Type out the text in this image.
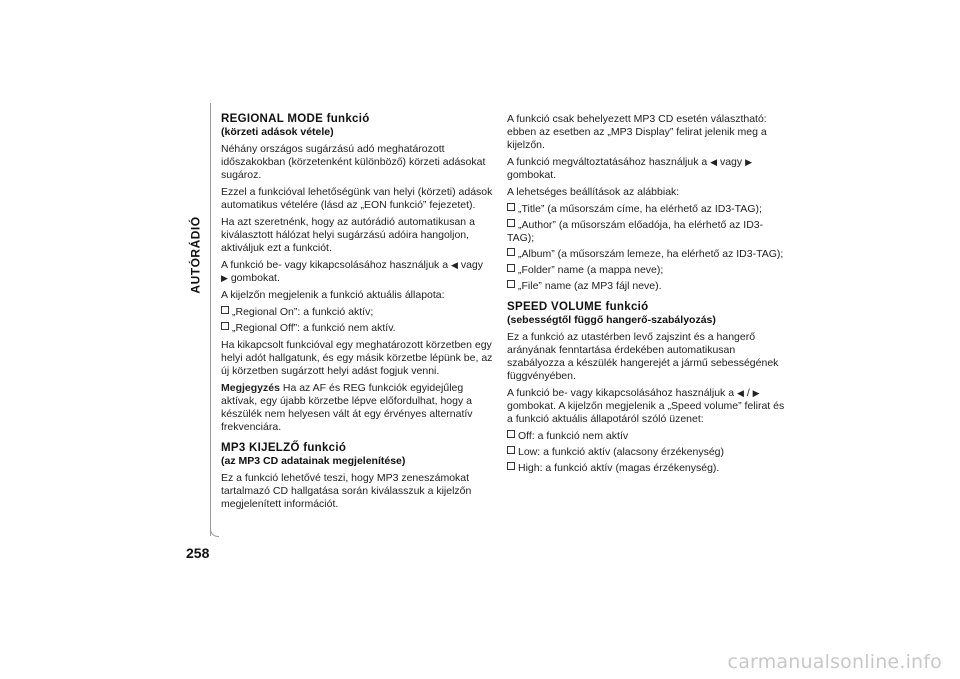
AUTÓRÁDIÓ
258
REGIONAL MODE funkció
(körzeti adások vétele)

Néhány országos sugárzású adó meghatározott időszakokban (körzetenként különböző) körzeti adásokat sugároz.

Ezzel a funkcióval lehetőségünk van helyi (körzeti) adások automatikus vételére (lásd az „EON funkció” fejezetet).

Ha azt szeretnénk, hogy az autórádió automatikusan a kiválasztott hálózat helyi sugárzású adóira hangoljon, aktiváljuk ezt a funkciót.

A funkció be- vagy kikapcsolásához használjuk a ◀ vagy
▶ gombokat.

A kijelzőn megjelenik a funkció aktuális állapota:

„Regional On”: a funkció aktív;
„Regional Off”: a funkció nem aktív.

Ha kikapcsolt funkcióval egy meghatározott körzetben egy helyi adót hallgatunk, és egy másik körzetbe lépünk be, az új körzetben sugárzott helyi adást fogjuk venni.

Megjegyzés Ha az AF és REG funkciók egyidejűleg aktívak, egy újabb körzetbe lépve előfordulhat, hogy a készülék nem helyesen vált át egy érvényes alternatív frekvenciára.

MP3 KIJELZŐ funkció
(az MP3 CD adatainak megjelenítése)

Ez a funkció lehetővé teszi, hogy MP3 zeneszámokat tartalmazó CD hallgatása során kiválasszuk a kijelzőn megjelenített információt.

A funkció csak behelyezett MP3 CD esetén választható: ebben az esetben az „MP3 Display” felirat jelenik meg a kijelzőn.

A funkció megváltoztatásához használjuk a ◀ vagy ▶ gombokat.

A lehetséges beállítások az alábbiak:

„Title” (a műsorszám címe, ha elérhető az ID3-TAG);
„Author” (a műsorszám előadója, ha elérhető az ID3-TAG);
„Album” (a műsorszám lemeze, ha elérhető az ID3-TAG);
„Folder” name (a mappa neve);
„File” name (az MP3 fájl neve).
SPEED VOLUME funkció
(sebességtől függő hangerő-szabályozás)

Ez a funkció az utastérben levő zajszint és a hangerő arányának fenntartása érdekében automatikusan szabályozza a készülék hangerejét a jármű sebességének függvényében.

A funkció be- vagy kikapcsolásához használjuk a ◀ / ▶ gombokat. A kijelzőn megjelenik a „Speed volume” felirat és a funkció aktuális állapotáról szóló üzenet:

Off: a funkció nem aktív
Low: a funkció aktív (alacsony érzékenység)
High: a funkció aktív (magas érzékenység).
carmanualsonline.info
